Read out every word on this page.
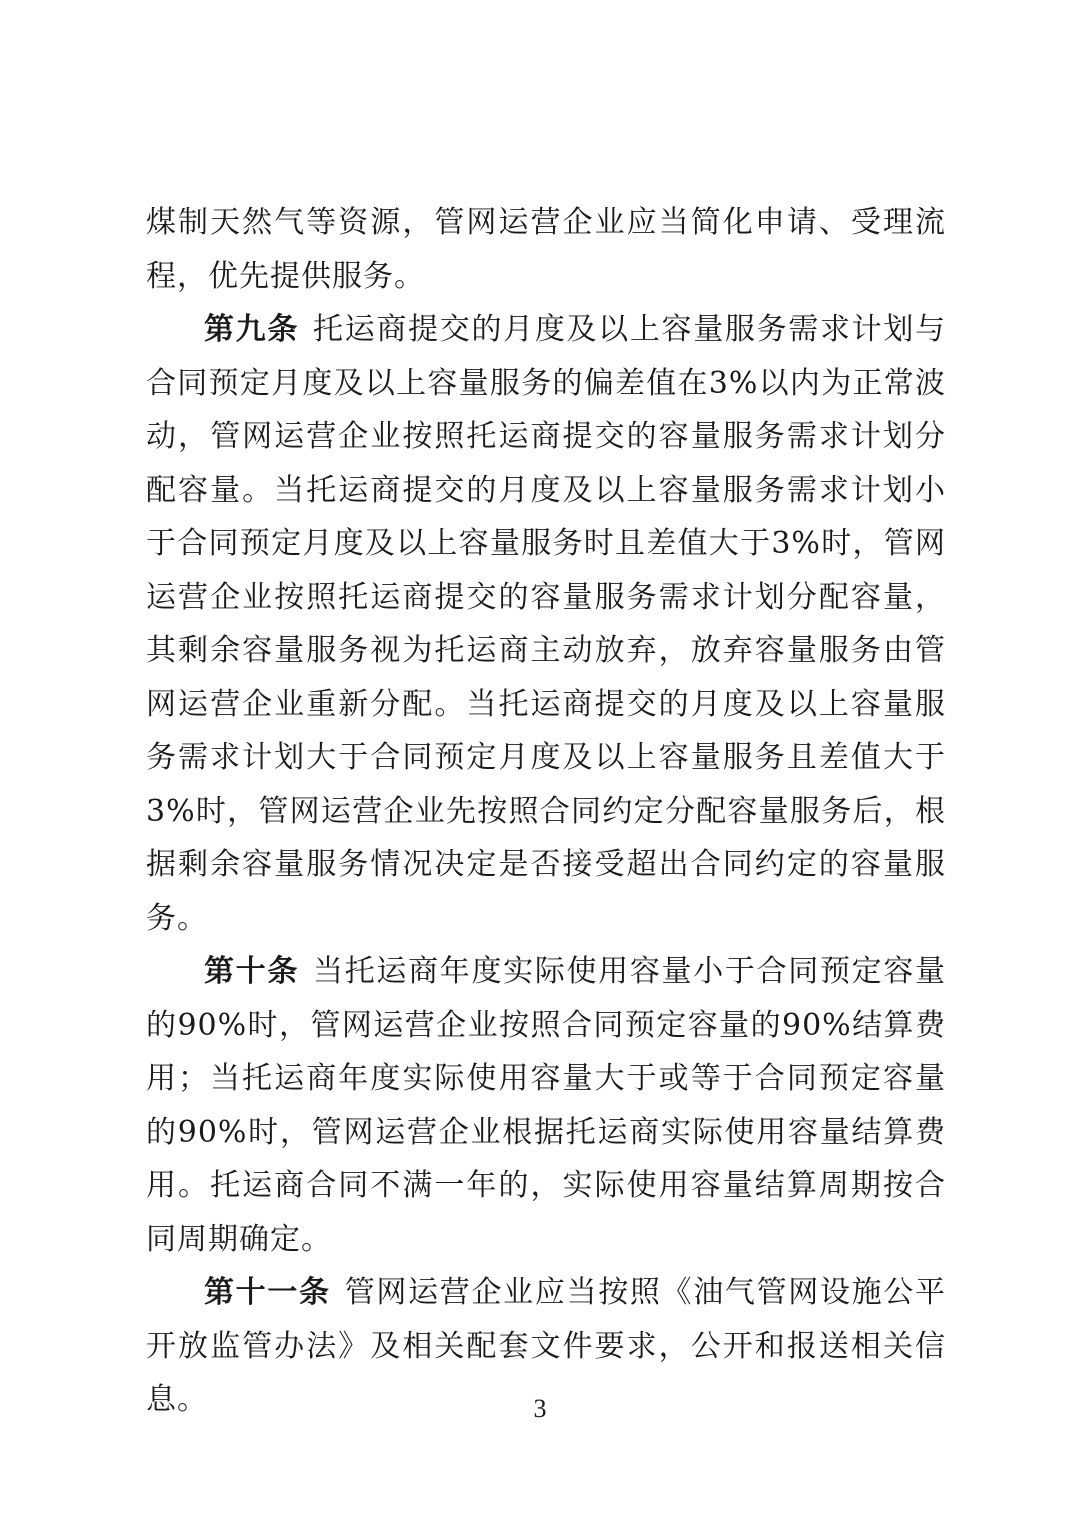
煤制天然气等资源，管网运营企业应当简化申请、受理流程，优先提供服务。

第九条 托运商提交的月度及以上容量服务需求计划与合同预定月度及以上容量服务的偏差值在3%以内为正常波动，管网运营企业按照托运商提交的容量服务需求计划分配容量。当托运商提交的月度及以上容量服务需求计划小于合同预定月度及以上容量服务时且差值大于3%时，管网运营企业按照托运商提交的容量服务需求计划分配容量，其剩余容量服务视为托运商主动放弃，放弃容量服务由管网运营企业重新分配。当托运商提交的月度及以上容量服务需求计划大于合同预定月度及以上容量服务且差值大于3%时，管网运营企业先按照合同约定分配容量服务后，根据剩余容量服务情况决定是否接受超出合同约定的容量服务。

第十条 当托运商年度实际使用容量小于合同预定容量的90%时，管网运营企业按照合同预定容量的90%结算费用；当托运商年度实际使用容量大于或等于合同预定容量的90%时，管网运营企业根据托运商实际使用容量结算费用。托运商合同不满一年的，实际使用容量结算周期按合同周期确定。

第十一条 管网运营企业应当按照《油气管网设施公平开放监管办法》及相关配套文件要求，公开和报送相关信息。	3
